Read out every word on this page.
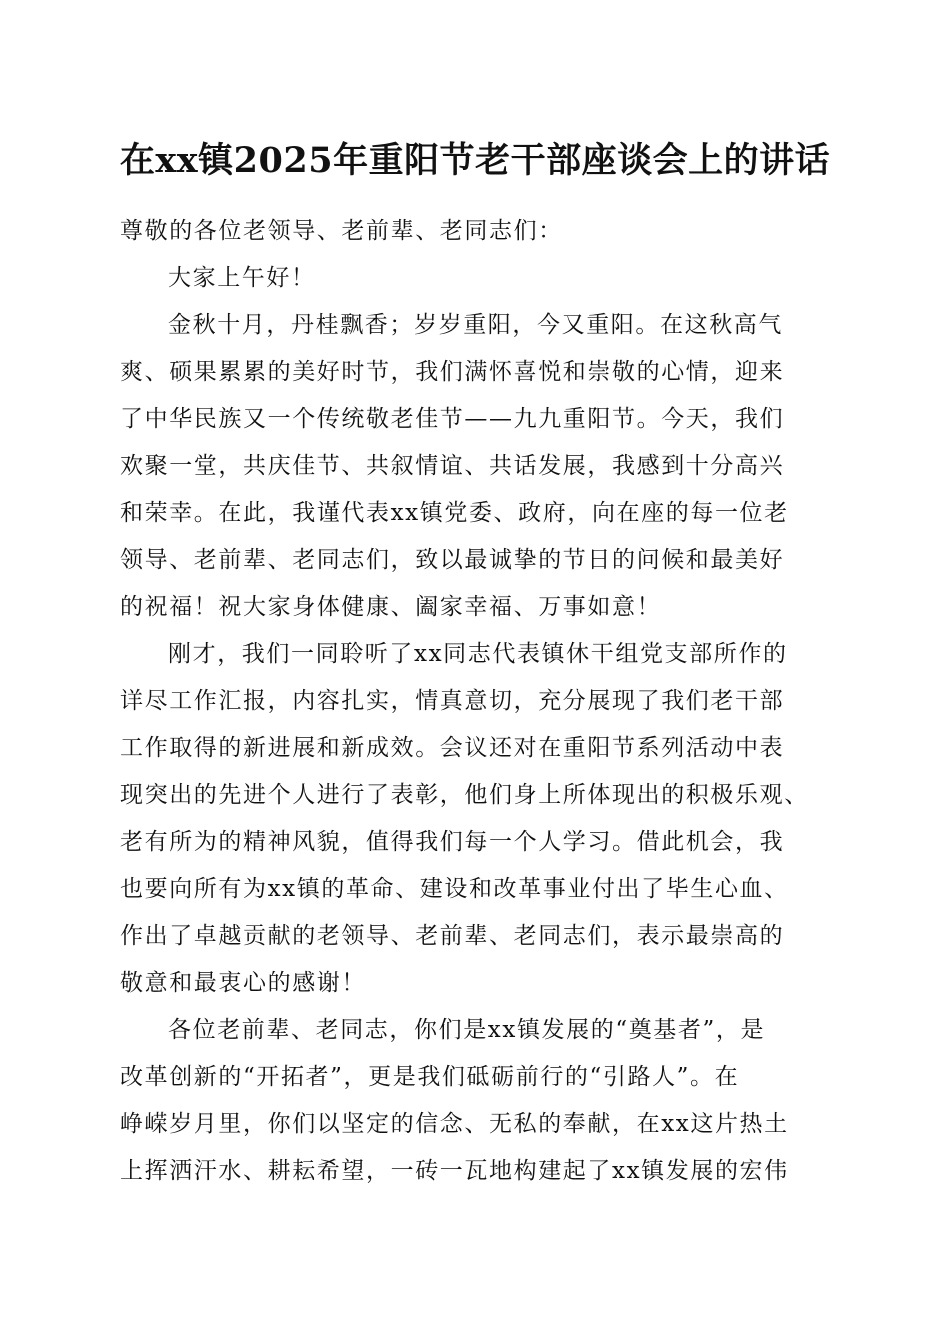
在xx镇2025年重阳节老干部座谈会上的讲话
尊敬的各位老领导、老前辈、老同志们：
大家上午好！
金秋十月，丹桂飘香；岁岁重阳，今又重阳。在这秋高气
爽、硕果累累的美好时节，我们满怀喜悦和崇敬的心情，迎来
了中华民族又一个传统敬老佳节——九九重阳节。今天，我们
欢聚一堂，共庆佳节、共叙情谊、共话发展，我感到十分高兴
和荣幸。在此，我谨代表xx镇党委、政府，向在座的每一位老
领导、老前辈、老同志们，致以最诚挚的节日的问候和最美好
的祝福！祝大家身体健康、阖家幸福、万事如意！
刚才，我们一同聆听了xx同志代表镇休干组党支部所作的
详尽工作汇报，内容扎实，情真意切，充分展现了我们老干部
工作取得的新进展和新成效。会议还对在重阳节系列活动中表
现突出的先进个人进行了表彰，他们身上所体现出的积极乐观、
老有所为的精神风貌，值得我们每一个人学习。借此机会，我
也要向所有为xx镇的革命、建设和改革事业付出了毕生心血、
作出了卓越贡献的老领导、老前辈、老同志们，表示最崇高的
敬意和最衷心的感谢！
各位老前辈、老同志，你们是xx镇发展的“奠基者”，是
改革创新的“开拓者”，更是我们砥砺前行的“引路人”。在
峥嵘岁月里，你们以坚定的信念、无私的奉献，在xx这片热土
上挥洒汗水、耕耘希望，一砖一瓦地构建起了xx镇发展的宏伟
